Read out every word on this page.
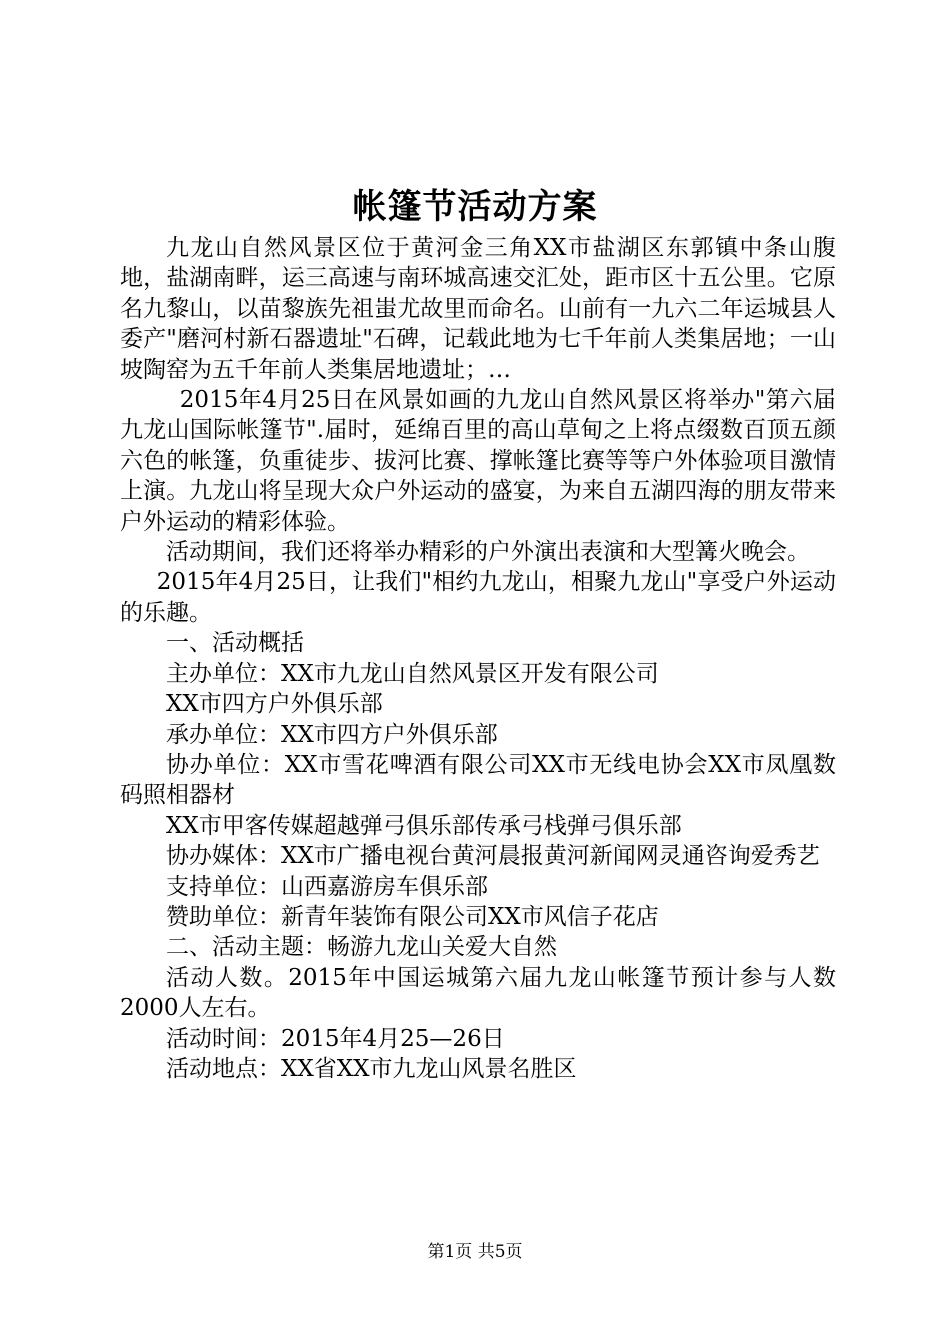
帐篷节活动方案

九龙山自然风景区位于黄河金三角XX市盐湖区东郭镇中条山腹地，盐湖南畔，运三高速与南环城高速交汇处，距市区十五公里。它原名九黎山，以苗黎族先祖蚩尤故里而命名。山前有一九六二年运城县人委产"磨河村新石器遗址"石碑，记载此地为七千年前人类集居地；一山坡陶窑为五千年前人类集居地遗址；…

2015年4月25日在风景如画的九龙山自然风景区将举办"第六届九龙山国际帐篷节".届时，延绵百里的高山草甸之上将点缀数百顶五颜六色的帐篷，负重徒步、拔河比赛、撑帐篷比赛等等户外体验项目激情上演。九龙山将呈现大众户外运动的盛宴，为来自五湖四海的朋友带来户外运动的精彩体验。

活动期间，我们还将举办精彩的户外演出表演和大型篝火晚会。

2015年4月25日，让我们"相约九龙山，相聚九龙山"享受户外运动的乐趣。

一、活动概括

主办单位：XX市九龙山自然风景区开发有限公司

XX市四方户外俱乐部

承办单位：XX市四方户外俱乐部

协办单位：XX市雪花啤酒有限公司XX市无线电协会XX市凤凰数码照相器材

XX市甲客传媒超越弹弓俱乐部传承弓栈弹弓俱乐部

协办媒体：XX市广播电视台黄河晨报黄河新闻网灵通咨询爱秀艺

支持单位：山西嘉游房车俱乐部

赞助单位：新青年装饰有限公司XX市风信子花店

二、活动主题：畅游九龙山关爱大自然

活动人数。2015年中国运城第六届九龙山帐篷节预计参与人数2000人左右。

活动时间：2015年4月25—26日

活动地点：XX省XX市九龙山风景名胜区

第1页 共5页
